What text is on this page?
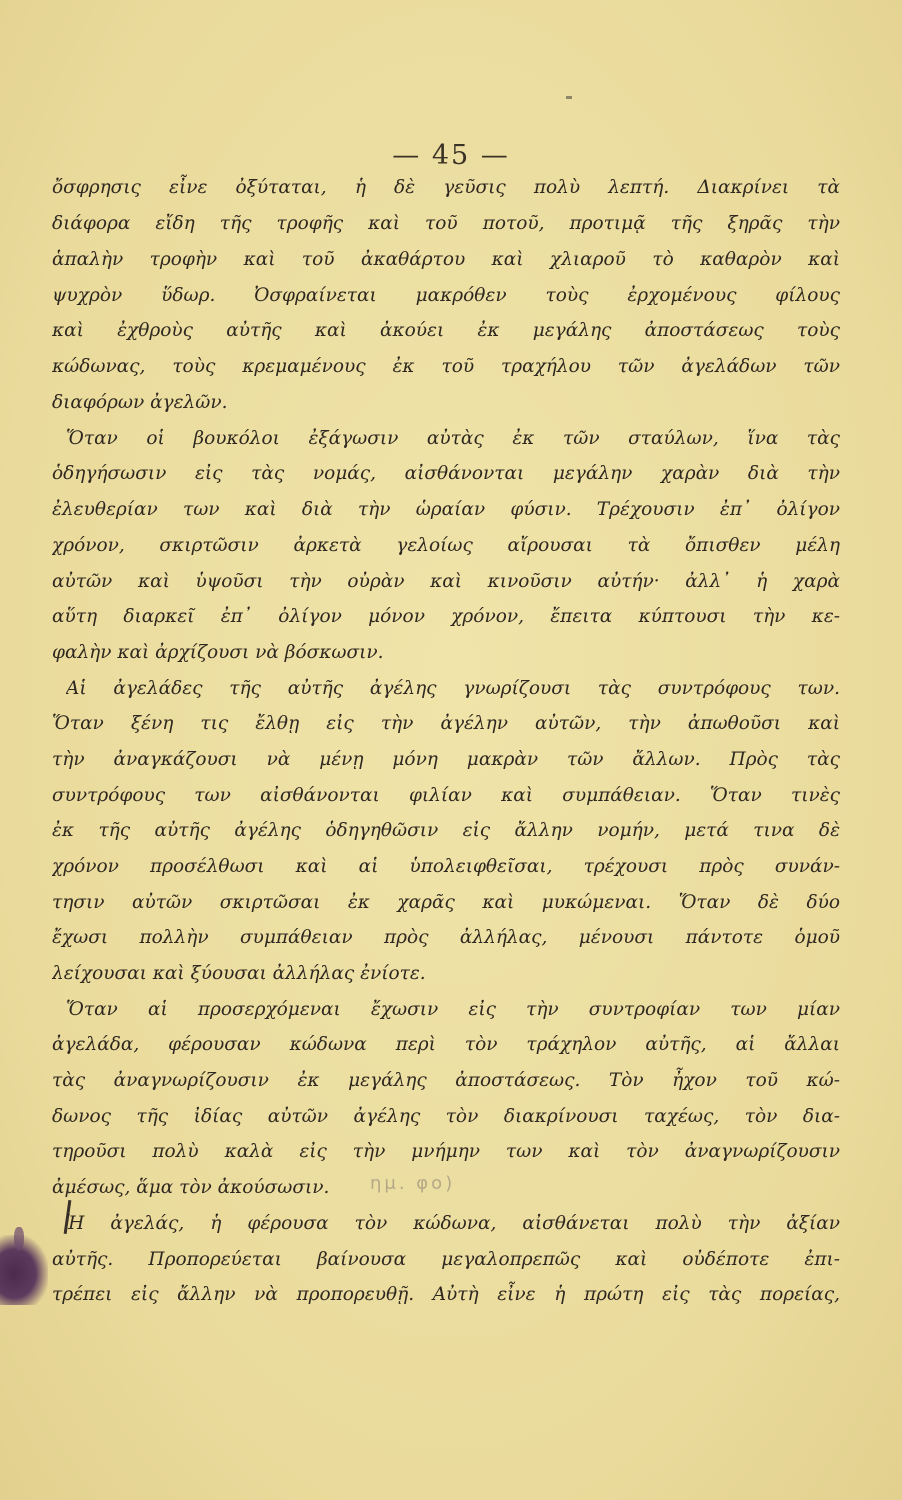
— 45 —
ὄσφρησις εἶνε ὀξύταται, ἡ δὲ γεῦσις πολὺ λεπτή. Διακρίνει τὰ
διάφορα εἴδη τῆς τροφῆς καὶ τοῦ ποτοῦ, προτιμᾷ τῆς ξηρᾶς τὴν
ἁπαλὴν τροφὴν καὶ τοῦ ἀκαθάρτου καὶ χλιαροῦ τὸ καθαρὸν καὶ
ψυχρὸν ὕδωρ. Ὀσφραίνεται μακρόθεν τοὺς ἐρχομένους φίλους
καὶ ἐχθροὺς αὐτῆς καὶ ἀκούει ἐκ μεγάλης ἀποστάσεως τοὺς
κώδωνας, τοὺς κρεμαμένους ἐκ τοῦ τραχήλου τῶν ἀγελάδων τῶν
διαφόρων ἀγελῶν.
Ὅταν οἱ βουκόλοι ἐξάγωσιν αὐτὰς ἐκ τῶν σταύλων, ἵνα τὰς
ὁδηγήσωσιν εἰς τὰς νομάς, αἰσθάνονται μεγάλην χαρὰν διὰ τὴν
ἐλευθερίαν των καὶ διὰ τὴν ὡραίαν φύσιν. Τρέχουσιν ἐπ᾽ ὀλίγον
χρόνον, σκιρτῶσιν ἀρκετὰ γελοίως αἴρουσαι τὰ ὄπισθεν μέλη
αὐτῶν καὶ ὑψοῦσι τὴν οὐρὰν καὶ κινοῦσιν αὐτήν· ἀλλ᾽ ἡ χαρὰ
αὕτη διαρκεῖ ἐπ᾽ ὀλίγον μόνον χρόνον, ἔπειτα κύπτουσι τὴν κε-
φαλὴν καὶ ἀρχίζουσι νὰ βόσκωσιν.
Αἱ ἀγελάδες τῆς αὐτῆς ἀγέλης γνωρίζουσι τὰς συντρόφους των.
Ὅταν ξένη τις ἔλθῃ εἰς τὴν ἀγέλην αὐτῶν, τὴν ἀπωθοῦσι καὶ
τὴν ἀναγκάζουσι νὰ μένῃ μόνη μακρὰν τῶν ἄλλων. Πρὸς τὰς
συντρόφους των αἰσθάνονται φιλίαν καὶ συμπάθειαν. Ὅταν τινὲς
ἐκ τῆς αὐτῆς ἀγέλης ὁδηγηθῶσιν εἰς ἄλλην νομήν, μετά τινα δὲ
χρόνον προσέλθωσι καὶ αἱ ὑπολειφθεῖσαι, τρέχουσι πρὸς συνάν-
τησιν αὐτῶν σκιρτῶσαι ἐκ χαρᾶς καὶ μυκώμεναι. Ὅταν δὲ δύο
ἔχωσι πολλὴν συμπάθειαν πρὸς ἀλλήλας, μένουσι πάντοτε ὁμοῦ
λείχουσαι καὶ ξύουσαι ἀλλήλας ἐνίοτε.
Ὅταν αἱ προσερχόμεναι ἔχωσιν εἰς τὴν συντροφίαν των μίαν
ἀγελάδα, φέρουσαν κώδωνα περὶ τὸν τράχηλον αὐτῆς, αἱ ἄλλαι
τὰς ἀναγνωρίζουσιν ἐκ μεγάλης ἀποστάσεως. Τὸν ἦχον τοῦ κώ-
δωνος τῆς ἰδίας αὐτῶν ἀγέλης τὸν διακρίνουσι ταχέως, τὸν δια-
τηροῦσι πολὺ καλὰ εἰς τὴν μνήμην των καὶ τὸν ἀναγνωρίζουσιν
ἀμέσως, ἅμα τὸν ἀκούσωσιν.	ημ. φο)
Ἡ ἀγελάς, ἡ φέρουσα τὸν κώδωνα, αἰσθάνεται πολὺ τὴν ἀξίαν
αὐτῆς. Προπορεύεται βαίνουσα μεγαλοπρεπῶς καὶ οὐδέποτε ἐπι-
τρέπει εἰς ἄλλην νὰ προπορευθῇ. Αὐτὴ εἶνε ἡ πρώτη εἰς τὰς πορείας,
